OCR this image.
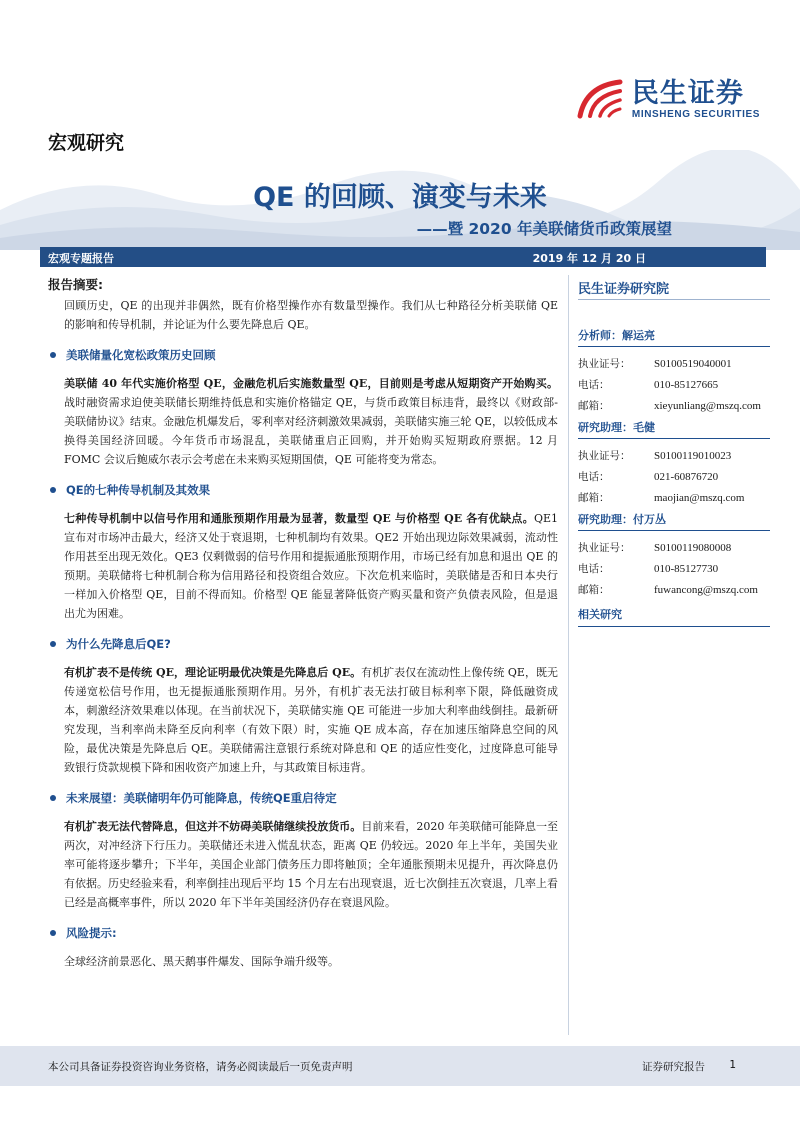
民生证券
MINSHENG SECURITIES
宏观研究
QE 的回顾、演变与未来
——暨 2020 年美联储货币政策展望
宏观专题报告	2019 年 12 月 20 日
报告摘要:

回顾历史，QE 的出现并非偶然，既有价格型操作亦有数量型操作。我们从七种路径分析美联储 QE 的影响和传导机制，并论证为什么要先降息后 QE。

美联储量化宽松政策历史回顾

美联储 40 年代实施价格型 QE，金融危机后实施数量型 QE，目前则是考虑从短期资产开始购买。战时融资需求迫使美联储长期维持低息和实施价格锚定 QE，与货币政策目标违背，最终以《财政部-美联储协议》结束。金融危机爆发后，零利率对经济刺激效果减弱，美联储实施三轮 QE，以较低成本换得美国经济回暖。今年货币市场混乱，美联储重启正回购，并开始购买短期政府票据。12 月 FOMC 会议后鲍威尔表示会考虑在未来购买短期国债，QE 可能将变为常态。

QE的七种传导机制及其效果

七种传导机制中以信号作用和通胀预期作用最为显著，数量型 QE 与价格型 QE 各有优缺点。QE1 宣布对市场冲击最大，经济又处于衰退期，七种机制均有效果。QE2 开始出现边际效果减弱，流动性作用甚至出现无效化。QE3 仅剩微弱的信号作用和提振通胀预期作用，市场已经有加息和退出 QE 的预期。美联储将七种机制合称为信用路径和投资组合效应。下次危机来临时，美联储是否和日本央行一样加入价格型 QE，目前不得而知。价格型 QE 能显著降低资产购买量和资产负债表风险，但是退出尤为困难。

为什么先降息后QE?

有机扩表不是传统 QE，理论证明最优决策是先降息后 QE。有机扩表仅在流动性上像传统 QE，既无传递宽松信号作用，也无提振通胀预期作用。另外，有机扩表无法打破目标利率下限，降低融资成本，刺激经济效果难以体现。在当前状况下，美联储实施 QE 可能进一步加大利率曲线倒挂。最新研究发现，当利率尚未降至反向利率（有效下限）时，实施 QE 成本高，存在加速压缩降息空间的风险，最优决策是先降息后 QE。美联储需注意银行系统对降息和 QE 的适应性变化，过度降息可能导致银行贷款规模下降和困收资产加速上升，与其政策目标违背。

未来展望：美联储明年仍可能降息，传统QE重启待定

有机扩表无法代替降息，但这并不妨碍美联储继续投放货币。目前来看，2020 年美联储可能降息一至两次，对冲经济下行压力。美联储还未进入慌乱状态，距离 QE 仍较远。2020 年上半年，美国失业率可能将逐步攀升；下半年，美国企业部门债务压力即将触顶；全年通胀预期未见提升，再次降息仍有依据。历史经验来看，利率倒挂出现后平均 15 个月左右出现衰退，近七次倒挂五次衰退，几率上看已经是高概率事件，所以 2020 年下半年美国经济仍存在衰退风险。

风险提示:

全球经济前景恶化、黑天鹅事件爆发、国际争端升级等。

民生证券研究院
分析师：解运亮
执业证号：	S0100519040001
电话：	010-85127665
邮箱：	xieyunliang@mszq.com
研究助理：毛健
执业证号：	S0100119010023
电话：	021-60876720
邮箱：	maojian@mszq.com
研究助理：付万丛
执业证号：	S0100119080008
电话：	010-85127730
邮箱：	fuwancong@mszq.com
相关研究
本公司具备证券投资咨询业务资格，请务必阅读最后一页免责声明	证券研究报告 1
